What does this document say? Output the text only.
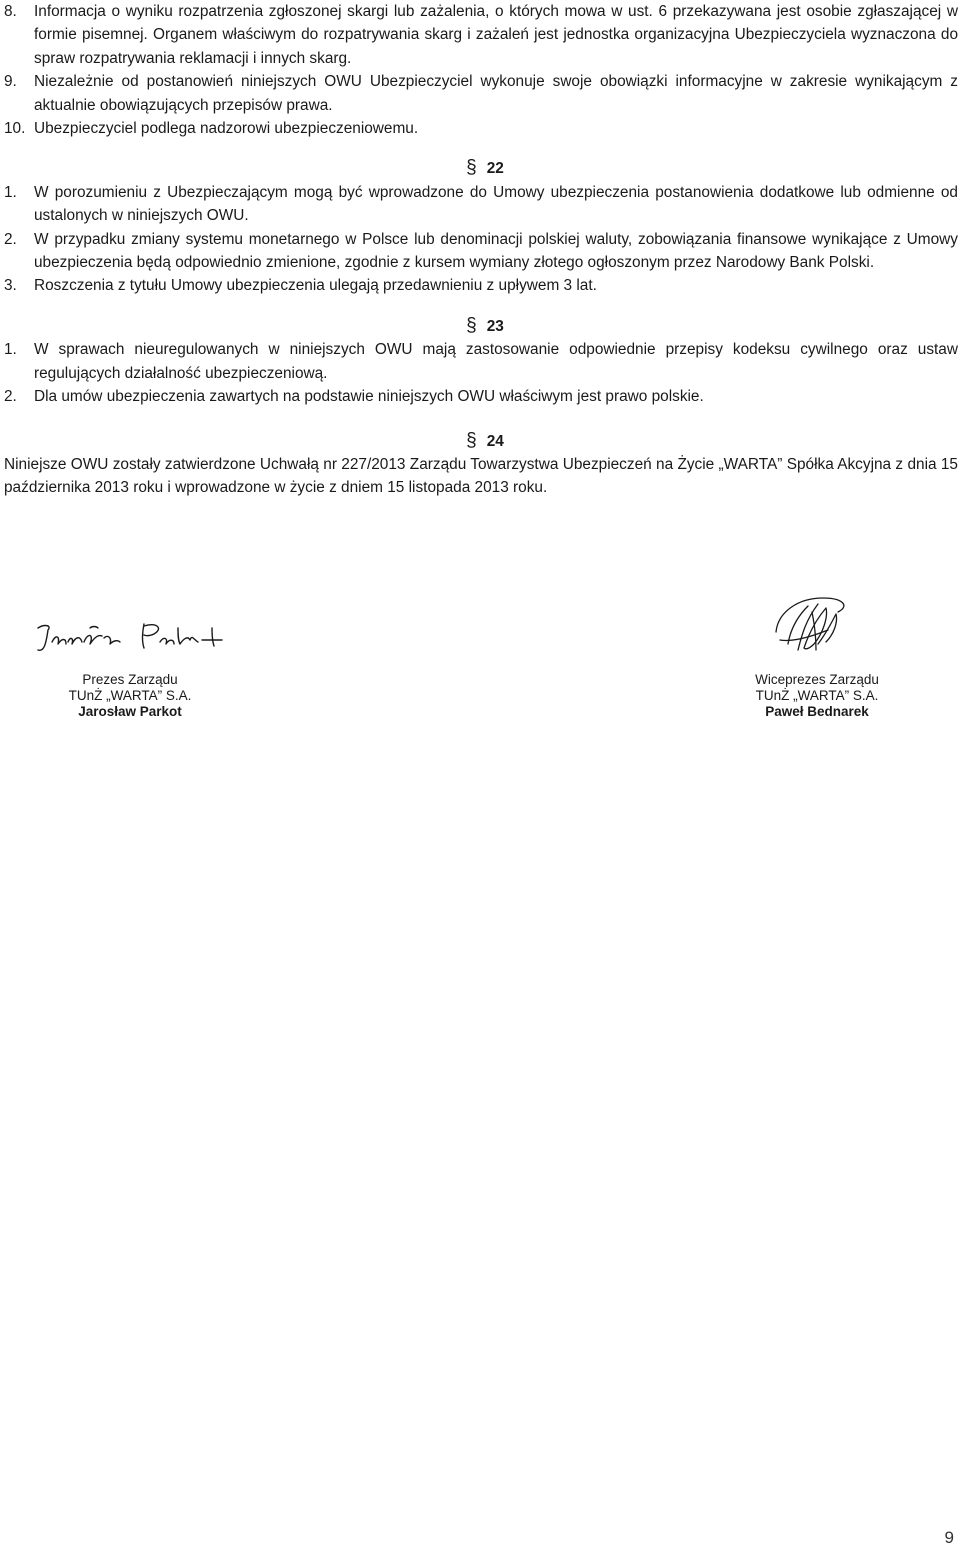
8. Informacja o wyniku rozpatrzenia zgłoszonej skargi lub zażalenia, o których mowa w ust. 6 przekazywana jest osobie zgłaszającej w formie pisemnej. Organem właściwym do rozpatrywania skarg i zażaleń jest jednostka organizacyjna Ubezpieczyciela wyznaczona do spraw rozpatrywania reklamacji i innych skarg.
9. Niezależnie od postanowień niniejszych OWU Ubezpieczyciel wykonuje swoje obowiązki informacyjne w zakresie wynikającym z aktualnie obowiązujących przepisów prawa.
10. Ubezpieczyciel podlega nadzorowi ubezpieczeniowemu.

§ 22

1. W porozumieniu z Ubezpieczającym mogą być wprowadzone do Umowy ubezpieczenia postanowienia dodatkowe lub odmienne od ustalonych w niniejszych OWU.
2. W przypadku zmiany systemu monetarnego w Polsce lub denominacji polskiej waluty, zobowiązania finansowe wynikające z Umowy ubezpieczenia będą odpowiednio zmienione, zgodnie z kursem wymiany złotego ogłoszonym przez Narodowy Bank Polski.
3. Roszczenia z tytułu Umowy ubezpieczenia ulegają przedawnieniu z upływem 3 lat.

§ 23

1. W sprawach nieuregulowanych w niniejszych OWU mają zastosowanie odpowiednie przepisy kodeksu cywilnego oraz ustaw regulujących działalność ubezpieczeniową.
2. Dla umów ubezpieczenia zawartych na podstawie niniejszych OWU właściwym jest prawo polskie.

§ 24

Niniejsze OWU zostały zatwierdzone Uchwałą nr 227/2013 Zarządu Towarzystwa Ubezpieczeń na Życie „WARTA” Spółka Akcyjna z dnia 15 października 2013 roku i wprowadzone w życie z dniem 15 listopada 2013 roku.

Prezes Zarządu
TUnŻ „WARTA” S.A.
Jarosław Parkot
Wiceprezes Zarządu
TUnŻ „WARTA” S.A.
Paweł Bednarek
9
